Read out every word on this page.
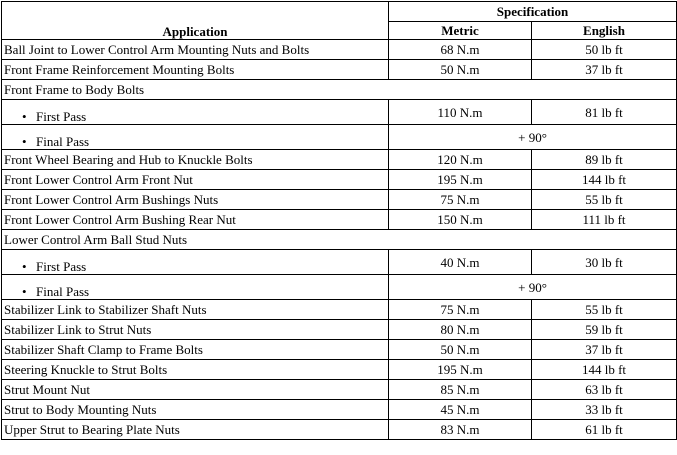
Application	Specification	
	Metric	English
Ball Joint to Lower Control Arm Mounting Nuts and Bolts	68 N.m	50 lb ft
Front Frame Reinforcement Mounting Bolts	50 N.m	37 lb ft
Front Frame to Body Bolts		
• First Pass	110 N.m	81 lb ft
• Final Pass	+ 90°	
Front Wheel Bearing and Hub to Knuckle Bolts	120 N.m	89 lb ft
Front Lower Control Arm Front Nut	195 N.m	144 lb ft
Front Lower Control Arm Bushings Nuts	75 N.m	55 lb ft
Front Lower Control Arm Bushing Rear Nut	150 N.m	111 lb ft
Lower Control Arm Ball Stud Nuts		
• First Pass	40 N.m	30 lb ft
• Final Pass	+ 90°	
Stabilizer Link to Stabilizer Shaft Nuts	75 N.m	55 lb ft
Stabilizer Link to Strut Nuts	80 N.m	59 lb ft
Stabilizer Shaft Clamp to Frame Bolts	50 N.m	37 lb ft
Steering Knuckle to Strut Bolts	195 N.m	144 lb ft
Strut Mount Nut	85 N.m	63 lb ft
Strut to Body Mounting Nuts	45 N.m	33 lb ft
Upper Strut to Bearing Plate Nuts	83 N.m	61 lb ft
